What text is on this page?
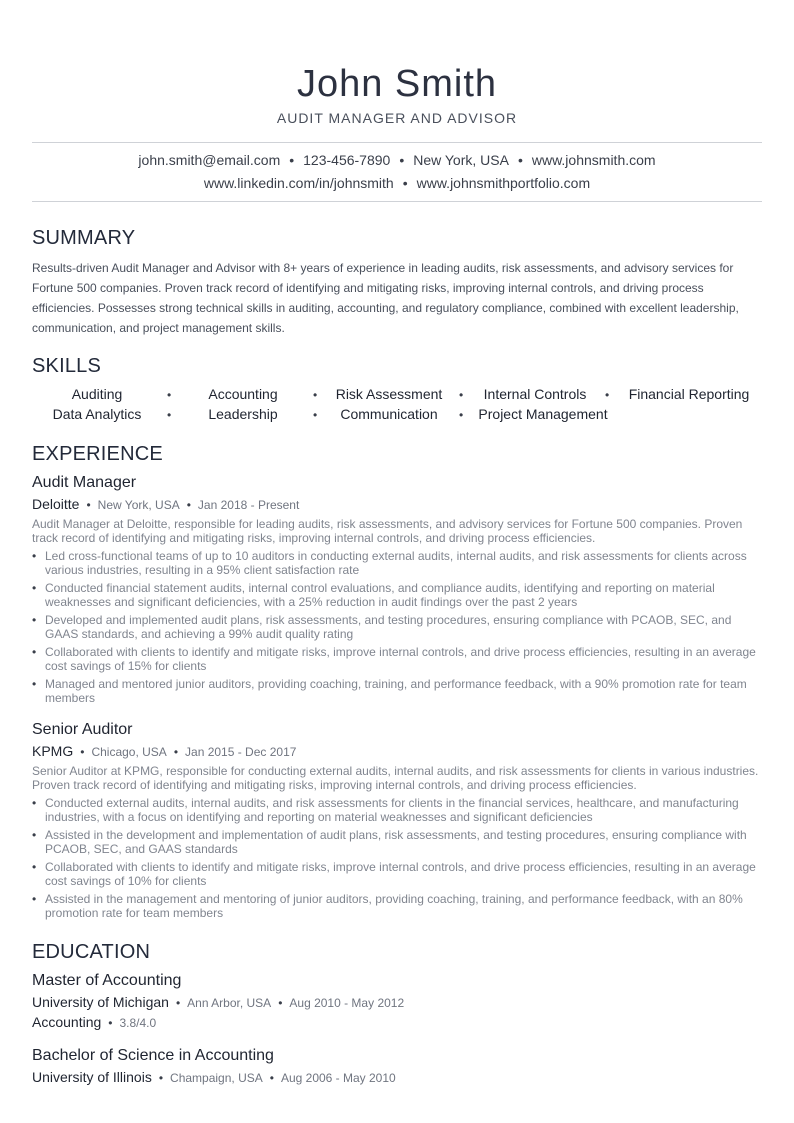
John Smith
AUDIT MANAGER AND ADVISOR
john.smith@email.com • 123-456-7890 • New York, USA • www.johnsmith.com
www.linkedin.com/in/johnsmith • www.johnsmithportfolio.com
SUMMARY
Results-driven Audit Manager and Advisor with 8+ years of experience in leading audits, risk assessments, and advisory services for Fortune 500 companies. Proven track record of identifying and mitigating risks, improving internal controls, and driving process efficiencies. Possesses strong technical skills in auditing, accounting, and regulatory compliance, combined with excellent leadership, communication, and project management skills.
SKILLS
Auditing	•	Accounting	•	Risk Assessment	•	Internal Controls	•	Financial Reporting
Data Analytics	•	Leadership	•	Communication	•	Project Management
EXPERIENCE
Audit Manager
Deloitte • New York, USA • Jan 2018 - Present
Audit Manager at Deloitte, responsible for leading audits, risk assessments, and advisory services for Fortune 500 companies. Proven track record of identifying and mitigating risks, improving internal controls, and driving process efficiencies.
• Led cross-functional teams of up to 10 auditors in conducting external audits, internal audits, and risk assessments for clients across various industries, resulting in a 95% client satisfaction rate
• Conducted financial statement audits, internal control evaluations, and compliance audits, identifying and reporting on material weaknesses and significant deficiencies, with a 25% reduction in audit findings over the past 2 years
• Developed and implemented audit plans, risk assessments, and testing procedures, ensuring compliance with PCAOB, SEC, and GAAS standards, and achieving a 99% audit quality rating
• Collaborated with clients to identify and mitigate risks, improve internal controls, and drive process efficiencies, resulting in an average cost savings of 15% for clients
• Managed and mentored junior auditors, providing coaching, training, and performance feedback, with a 90% promotion rate for team members
Senior Auditor
KPMG • Chicago, USA • Jan 2015 - Dec 2017
Senior Auditor at KPMG, responsible for conducting external audits, internal audits, and risk assessments for clients in various industries. Proven track record of identifying and mitigating risks, improving internal controls, and driving process efficiencies.
• Conducted external audits, internal audits, and risk assessments for clients in the financial services, healthcare, and manufacturing industries, with a focus on identifying and reporting on material weaknesses and significant deficiencies
• Assisted in the development and implementation of audit plans, risk assessments, and testing procedures, ensuring compliance with PCAOB, SEC, and GAAS standards
• Collaborated with clients to identify and mitigate risks, improve internal controls, and drive process efficiencies, resulting in an average cost savings of 10% for clients
• Assisted in the management and mentoring of junior auditors, providing coaching, training, and performance feedback, with an 80% promotion rate for team members
EDUCATION
Master of Accounting
University of Michigan • Ann Arbor, USA • Aug 2010 - May 2012
Accounting • 3.8/4.0
Bachelor of Science in Accounting
University of Illinois • Champaign, USA • Aug 2006 - May 2010
